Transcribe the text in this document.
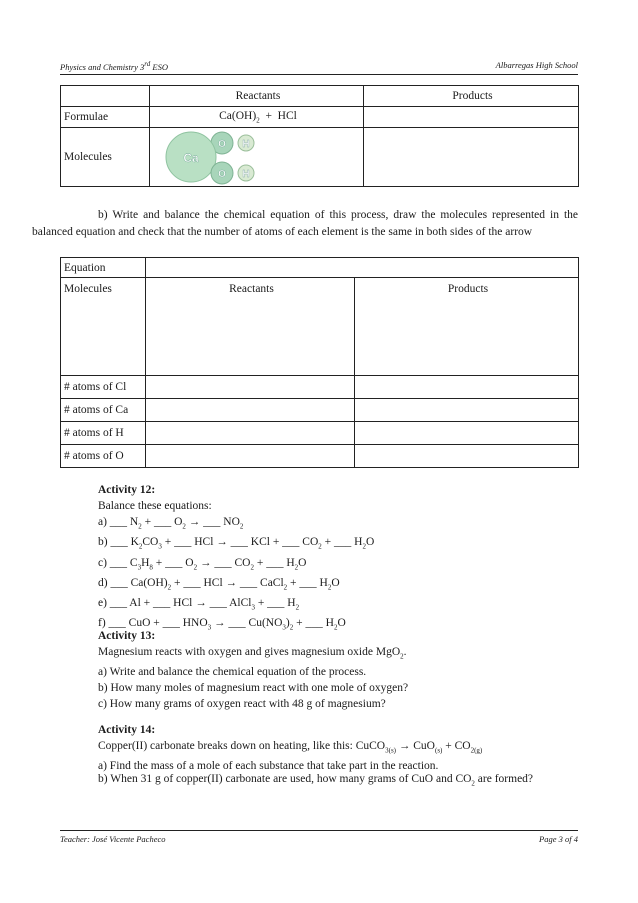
Physics and Chemistry 3rd ESO	Albarregas High School
	Reactants	Products
Formulae	$Ca(OH)_2$  +  HCl	
Molecules	H
O
Ca
H
O	

b) Write and balance the chemical equation of this process, draw the molecules represented in the balanced equation and check that the number of atoms of each element is the same in both sides of the arrow
Equation		
Molecules	Reactants	Products
# atoms of Cl		
# atoms of Ca		
# atoms of H		
# atoms of O		
Activity 12:
Balance these equations:
a) ___ $N_2$ + ___ $O_2$ → ___ $NO_2$
b) ___ $K_2CO_3$ + ___ HCl → ___ KCl + ___ $CO_2$ + ___ $H_2O$
c) ___ $C_3H_8$ + ___ $O_2$ → ___ $CO_2$ + ___ $H_2O$
d) ___ $Ca(OH)_2$ + ___ HCl → ___ CaCl$_2$ + ___ $H_2O$
e) ___ Al + ___ HCl → ___ AlCl$_3$ + ___ $H_2$
f) ___ CuO + ___ $HNO_3$ → ___ $Cu(NO_3)_2$ + ___ $H_2O$
Activity 13:
Magnesium reacts with oxygen and gives magnesium oxide MgO$_2$.
a) Write and balance the chemical equation of the process.
b) How many moles of magnesium react with one mole of oxygen?
c) How many grams of oxygen react with 48 g of magnesium?
Activity 14:
Copper(II) carbonate breaks down on heating, like this: CuCO$_{3(s)}$ → $CuO_{(s)} + CO_{2(g)}$
a) Find the mass of a mole of each substance that take part in the reaction.
b) When 31 g of copper(II) carbonate are used, how many grams of CuO and $CO_2$ are formed?
Teacher: José Vicente Pacheco	Page 3 of 4
